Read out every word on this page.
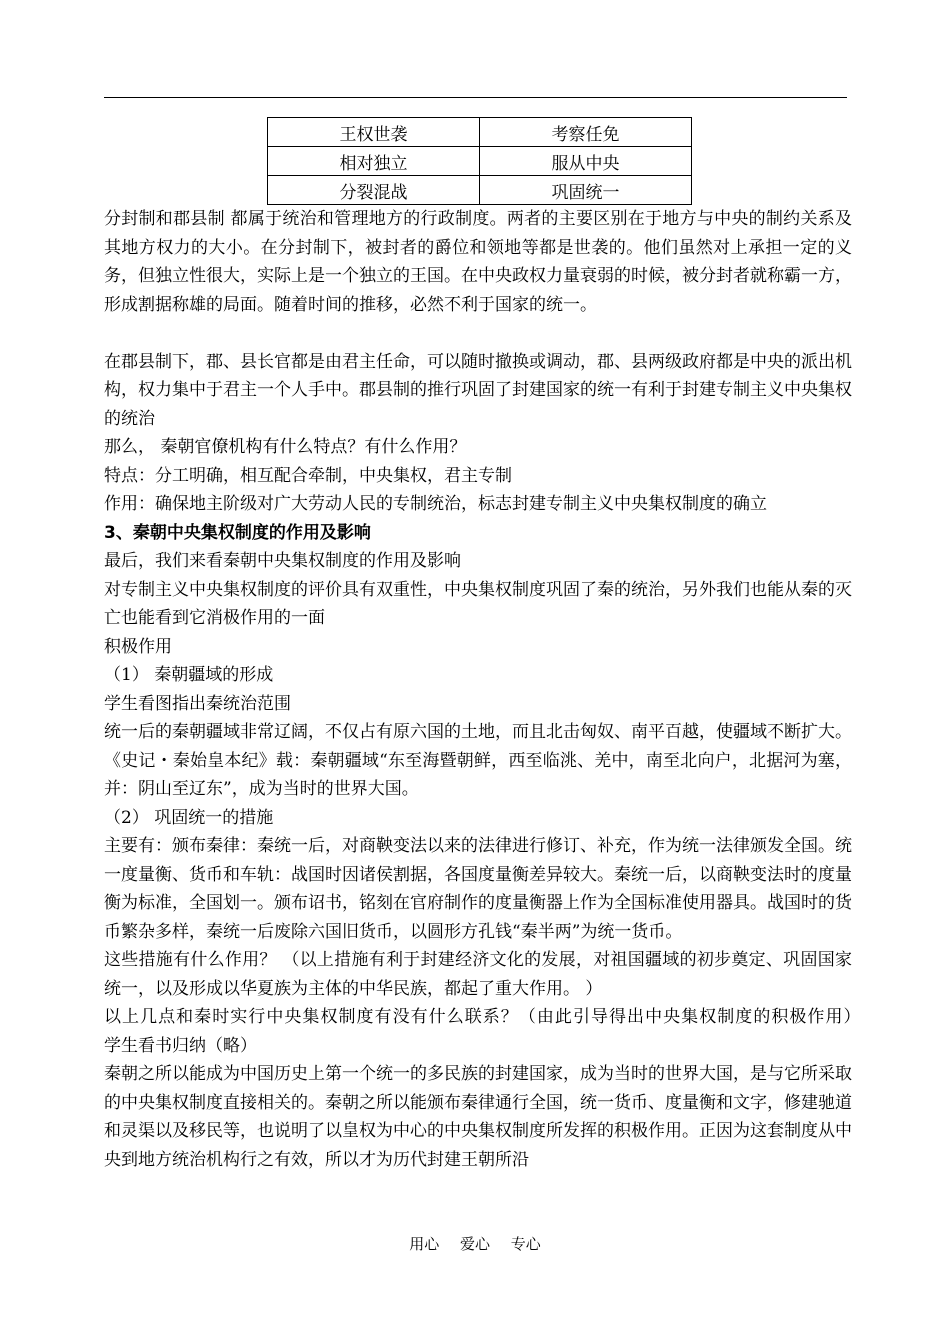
王权世袭	考察任免
相对独立	服从中央
分裂混战	巩固统一

分封制和郡县制 都属于统治和管理地方的行政制度。两者的主要区别在于地方与中央的制约关系及其地方权力的大小。在分封制下，被封者的爵位和领地等都是世袭的。他们虽然对上承担一定的义务，但独立性很大，实际上是一个独立的王国。在中央政权力量衰弱的时候，被分封者就称霸一方，形成割据称雄的局面。随着时间的推移，必然不利于国家的统一。

在郡县制下，郡、县长官都是由君主任命，可以随时撤换或调动，郡、县两级政府都是中央的派出机构，权力集中于君主一个人手中。郡县制的推行巩固了封建国家的统一有利于封建专制主义中央集权的统治

那么， 秦朝官僚机构有什么特点？有什么作用？

特点：分工明确，相互配合牵制，中央集权，君主专制

作用：确保地主阶级对广大劳动人民的专制统治，标志封建专制主义中央集权制度的确立

3、秦朝中央集权制度的作用及影响

最后，我们来看秦朝中央集权制度的作用及影响

对专制主义中央集权制度的评价具有双重性，中央集权制度巩固了秦的统治，另外我们也能从秦的灭亡也能看到它消极作用的一面

积极作用

（1） 秦朝疆域的形成

学生看图指出秦统治范围

统一后的秦朝疆域非常辽阔，不仅占有原六国的土地，而且北击匈奴、南平百越，使疆域不断扩大。《史记・秦始皇本纪》载：秦朝疆域“东至海暨朝鲜，西至临洮、羌中，南至北向户，北据河为塞，并：阴山至辽东”，成为当时的世界大国。

（2） 巩固统一的措施

主要有：颁布秦律：秦统一后，对商鞅变法以来的法律进行修订、补充，作为统一法律颁发全国。统一度量衡、货币和车轨：战国时因诸侯割据，各国度量衡差异较大。秦统一后，以商鞅变法时的度量衡为标准，全国划一。颁布诏书，铭刻在官府制作的度量衡器上作为全国标准使用器具。战国时的货币繁杂多样，秦统一后废除六国旧货币，以圆形方孔钱“秦半两”为统一货币。

这些措施有什么作用？ （以上措施有利于封建经济文化的发展，对祖国疆域的初步奠定、巩固国家统一，以及形成以华夏族为主体的中华民族，都起了重大作用。 ）

以上几点和秦时实行中央集权制度有没有什么联系？（由此引导得出中央集权制度的积极作用）　　　学生看书归纳（略）

秦朝之所以能成为中国历史上第一个统一的多民族的封建国家，成为当时的世界大国，是与它所采取的中央集权制度直接相关的。秦朝之所以能颁布秦律通行全国，统一货币、度量衡和文字，修建驰道和灵渠以及移民等，也说明了以皇权为中心的中央集权制度所发挥的积极作用。正因为这套制度从中央到地方统治机构行之有效，所以才为历代封建王朝所沿

用心 爱心 专心
